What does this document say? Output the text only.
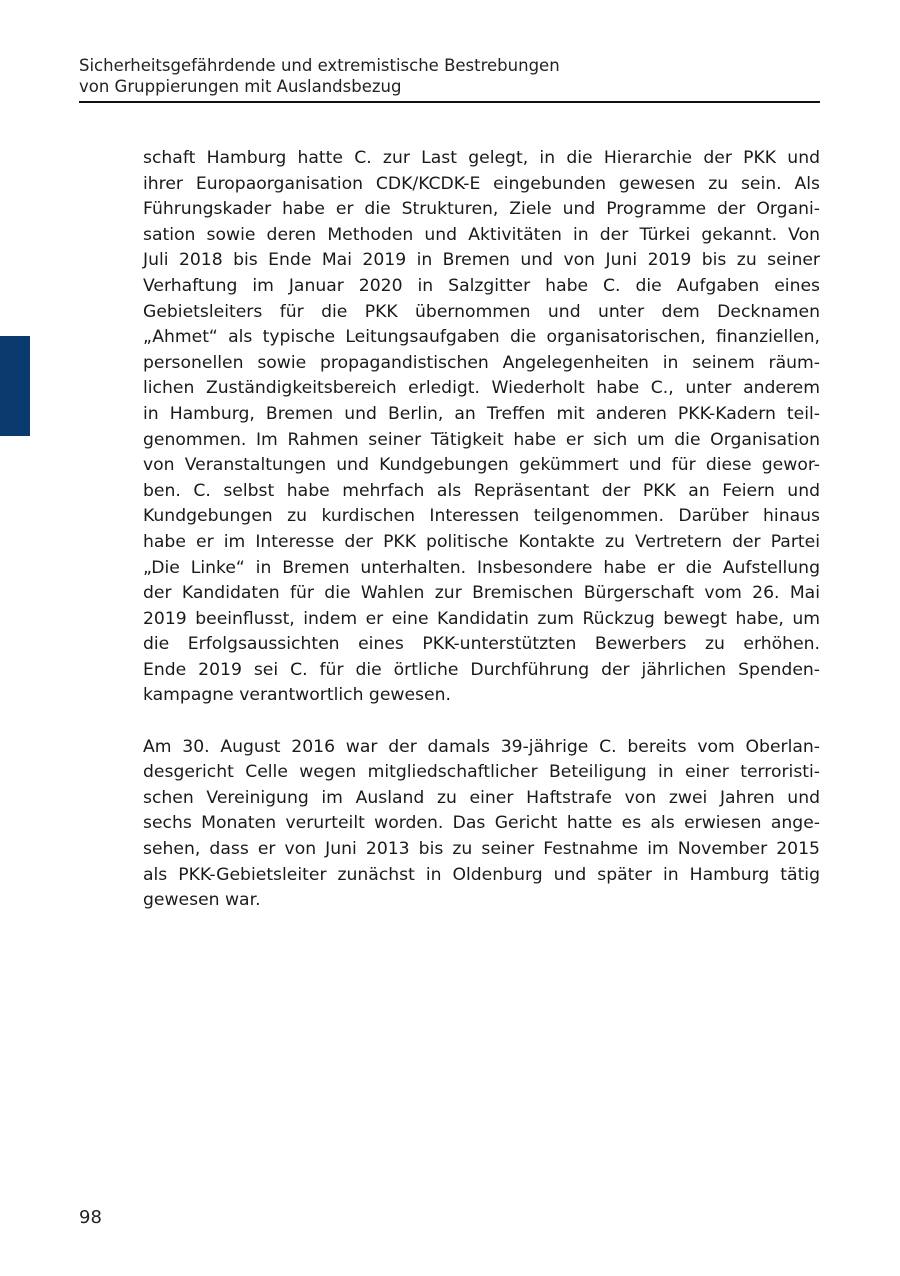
Sicherheitsgefährdende und extremistische Bestrebungen
von Gruppierungen mit Auslandsbezug

schaft Hamburg hatte C. zur Last gelegt, in die Hierarchie der PKK und
ihrer Europaorganisation CDK/KCDK-E eingebunden gewesen zu sein. Als
Führungskader habe er die Strukturen, Ziele und Programme der Organi-
sation sowie deren Methoden und Aktivitäten in der Türkei gekannt. Von
Juli 2018 bis Ende Mai 2019 in Bremen und von Juni 2019 bis zu seiner
Verhaftung im Januar 2020 in Salzgitter habe C. die Aufgaben eines
Gebietsleiters für die PKK übernommen und unter dem Decknamen
„Ahmet“ als typische Leitungsaufgaben die organisatorischen, finanziellen,
personellen sowie propagandistischen Angelegenheiten in seinem räum-
lichen Zuständigkeitsbereich erledigt. Wiederholt habe C., unter anderem
in Hamburg, Bremen und Berlin, an Treffen mit anderen PKK-Kadern teil-
genommen. Im Rahmen seiner Tätigkeit habe er sich um die Organisation
von Veranstaltungen und Kundgebungen gekümmert und für diese gewor-
ben. C. selbst habe mehrfach als Repräsentant der PKK an Feiern und
Kundgebungen zu kurdischen Interessen teilgenommen. Darüber hinaus
habe er im Interesse der PKK politische Kontakte zu Vertretern der Partei
„Die Linke“ in Bremen unterhalten. Insbesondere habe er die Aufstellung
der Kandidaten für die Wahlen zur Bremischen Bürgerschaft vom 26. Mai
2019 beeinflusst, indem er eine Kandidatin zum Rückzug bewegt habe, um
die Erfolgsaussichten eines PKK-unterstützten Bewerbers zu erhöhen.
Ende 2019 sei C. für die örtliche Durchführung der jährlichen Spenden-
kampagne verantwortlich gewesen.

Am 30. August 2016 war der damals 39-jährige C. bereits vom Oberlan-
desgericht Celle wegen mitgliedschaftlicher Beteiligung in einer terroristi-
schen Vereinigung im Ausland zu einer Haftstrafe von zwei Jahren und
sechs Monaten verurteilt worden. Das Gericht hatte es als erwiesen ange-
sehen, dass er von Juni 2013 bis zu seiner Festnahme im November 2015
als PKK-Gebietsleiter zunächst in Oldenburg und später in Hamburg tätig
gewesen war.

98
